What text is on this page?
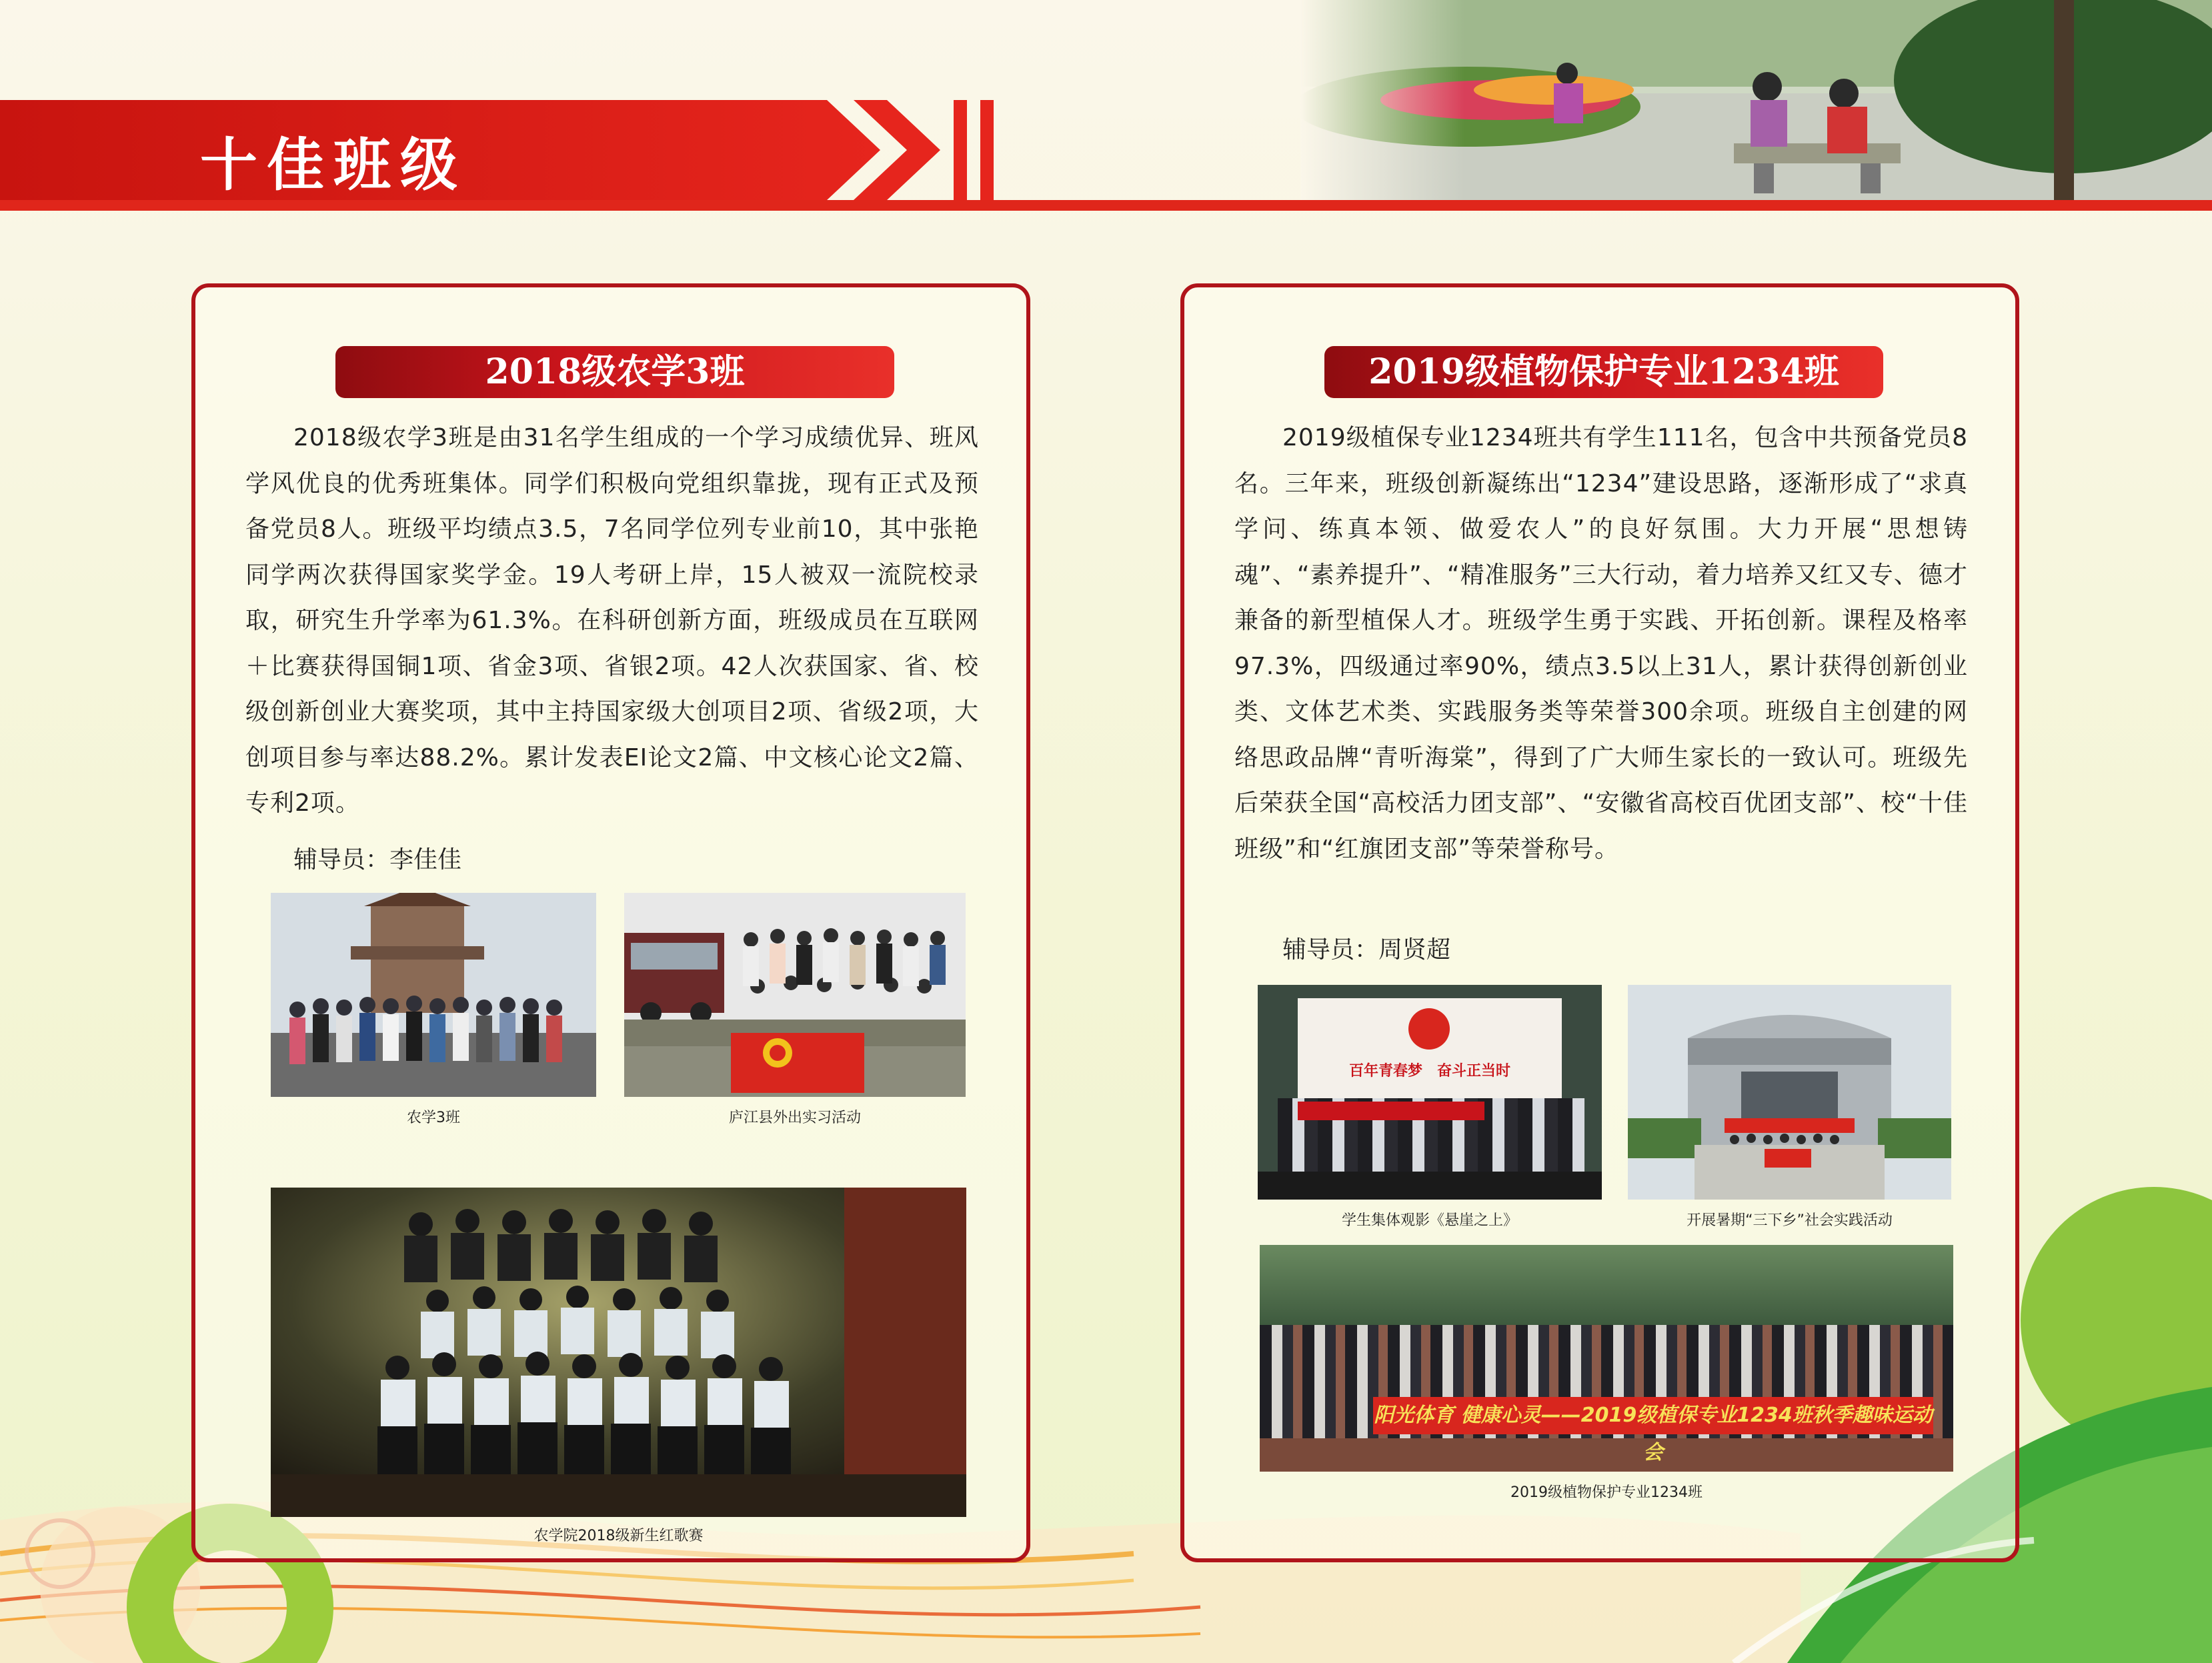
十佳班级
2018级农学3班
2018级农学3班是由31名学生组成的一个学习成绩优异、班风学风优良的优秀班集体。同学们积极向党组织靠拢，现有正式及预备党员8人。班级平均绩点3.5，7名同学位列专业前10，其中张艳同学两次获得国家奖学金。19人考研上岸，15人被双一流院校录取，研究生升学率为61.3%。在科研创新方面，班级成员在互联网＋比赛获得国铜1项、省金3项、省银2项。42人次获国家、省、校级创新创业大赛奖项，其中主持国家级大创项目2项、省级2项，大创项目参与率达88.2%。累计发表EI论文2篇、中文核心论文2篇、专利2项。
辅导员：李佳佳
农学3班	庐江县外出实习活动
农学院2018级新生红歌赛
2019级植物保护专业1234班
2019级植保专业1234班共有学生111名，包含中共预备党员8名。三年来，班级创新凝练出“1234”建设思路，逐渐形成了“求真学问、练真本领、做爱农人”的良好氛围。大力开展“思想铸魂”、“素养提升”、“精准服务”三大行动，着力培养又红又专、德才兼备的新型植保人才。班级学生勇于实践、开拓创新。课程及格率97.3%，四级通过率90%，绩点3.5以上31人，累计获得创新创业类、文体艺术类、实践服务类等荣誉300余项。班级自主创建的网络思政品牌“青听海棠”，得到了广大师生家长的一致认可。班级先后荣获全国“高校活力团支部”、“安徽省高校百优团支部”、校“十佳班级”和“红旗团支部”等荣誉称号。
辅导员：周贤超
百年青春梦　奋斗正当时
学生集体观影《悬崖之上》	开展暑期“三下乡”社会实践活动
阳光体育 健康心灵——2019级植保专业1234班秋季趣味运动会
2019级植物保护专业1234班
